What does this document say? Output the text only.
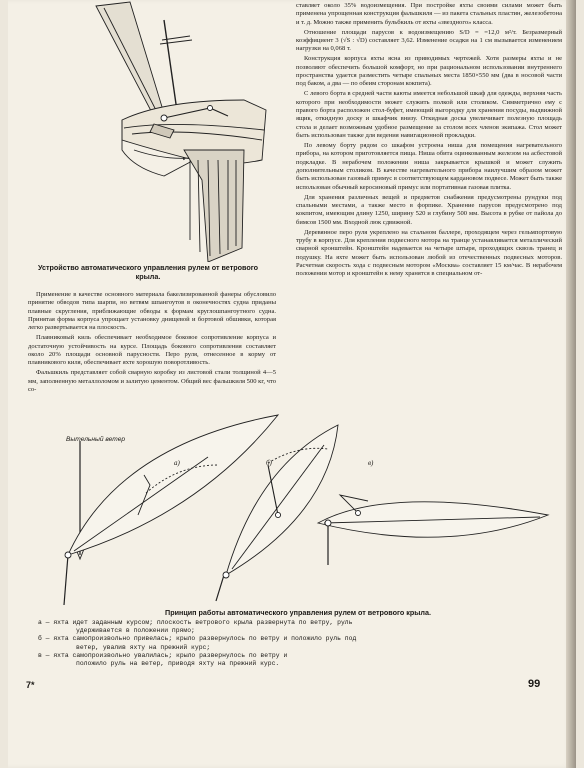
Устройство автоматического управления рулем от ветрового крыла.

Применение в качестве основного материала бакелизированной фанеры обусловило принятие обводов типа шарпи, но ветвям шпангоутов в оконечностях судна приданы плавные скругления, приближающие обводы к формам круглошпангоутного судна. Принятая форма корпуса упрощает установку днищевой и бортовой обшивки, которая легко развертывается на плоскость.

Плавниковый киль обеспечивает необходимое боковое сопротивление корпуса и достаточную устойчивость на курсе. Площадь бокового сопротивления составляет около 20% площади основной парусности. Перо руля, отнесенное в корму от плавникового киля, обеспечивает яхте хорошую поворотливость.

Фальшкиль представляет собой сварную коробку из листовой стали толщиной 4—5 мм, заполненную металлоломом и залитую цементом. Общий вес фальшкиля 500 кг, что со-

ставляет около 35% водоизмещения. При постройке яхты своими силами может быть применена упрощенная конструкция фальшкиля — из пакета стальных пластин, железобетона и т. д. Можно также применить бульбкиль от яхты «звездного» класса.

Отношение площади парусов к водоизмещению S/D = =12,0 м²/т. Безразмерный коэффициент 3 (√S : √D) составляет 3,62. Изменение осадки на 1 см вызывается изменением нагрузки на 0,068 т.

Конструкция корпуса яхты ясна из приводимых чертежей. Хотя размеры яхты и не позволяют обеспечить большой комфорт, но при рациональном использовании внутреннего пространства удается разместить четыре спальных места 1850×550 мм (два в носовой части под баком, а два — по обеим сторонам кокпита).

С левого борта в средней части каюты имеется небольшой шкаф для одежды, верхняя часть которого при необходимости может служить полкой или столиком. Симметрично ему с правого борта расположен стол-буфет, имеющий выгородку для хранения посуды, выдвижной ящик, откидную доску и шкафчик внизу. Откидная доска увеличивает полезную площадь стола и делает возможным удобное размещение за столом всех членов экипажа. Стол может быть использован также для ведения навигационной прокладки.

По левому борту рядом со шкафом устроена ниша для помещения нагревательного прибора, на котором приготовляется пища. Ниша обита оцинкованным железом на асбестовой подкладке. В нерабочем положении ниша закрывается крышкой и может служить дополнительным столиком. В качестве нагревательного прибора наилучшим образом может быть использован газовый примус в соответствующем кардановом подвесе. Может быть также использован обычный керосиновый примус или портативная газовая плитка.

Для хранения различных вещей и предметов снабжения предусмотрены рундуки под спальными местами, а также место в форпике. Хранение парусов предусмотрено под кокпитом, имеющим длину 1250, ширину 520 и глубину 500 мм. Высота в рубке от пайола до бимсов 1500 мм. Входной люк сдвижной.

Деревянное перо руля укреплено на стальном баллере, проходящем через гельмпортовую трубу в корпусе. Для крепления подвесного мотора на транце устанавливается металлический сварной кронштейн. Кронштейн надевается на четыре штыря, проходящих сквозь транец и подушку. На яхте может быть использован любой из отечественных подвесных моторов. Расчетная скорость хода с подвесным мотором «Москва» составляет 15 км/час. В нерабочем положении мотор и кронштейн к нему хранятся в специальном от-

Вытельный ветер
а)	б)	в)
Принцип работы автоматического управления рулем от ветрового крыла.
а — яхта идет заданным курсом; плоскость ветрового крыла развернута по ветру, руль
удерживается в положении прямо;
б — яхта самопроизвольно привелась; крыло развернулось по ветру и положило руль под
ветер, увалив яхту на прежний курс;
в — яхта самопроизвольно увалилась; крыло развернулось по ветру и
положило руль на ветер, приводя яхту на прежний курс.
7*	99
